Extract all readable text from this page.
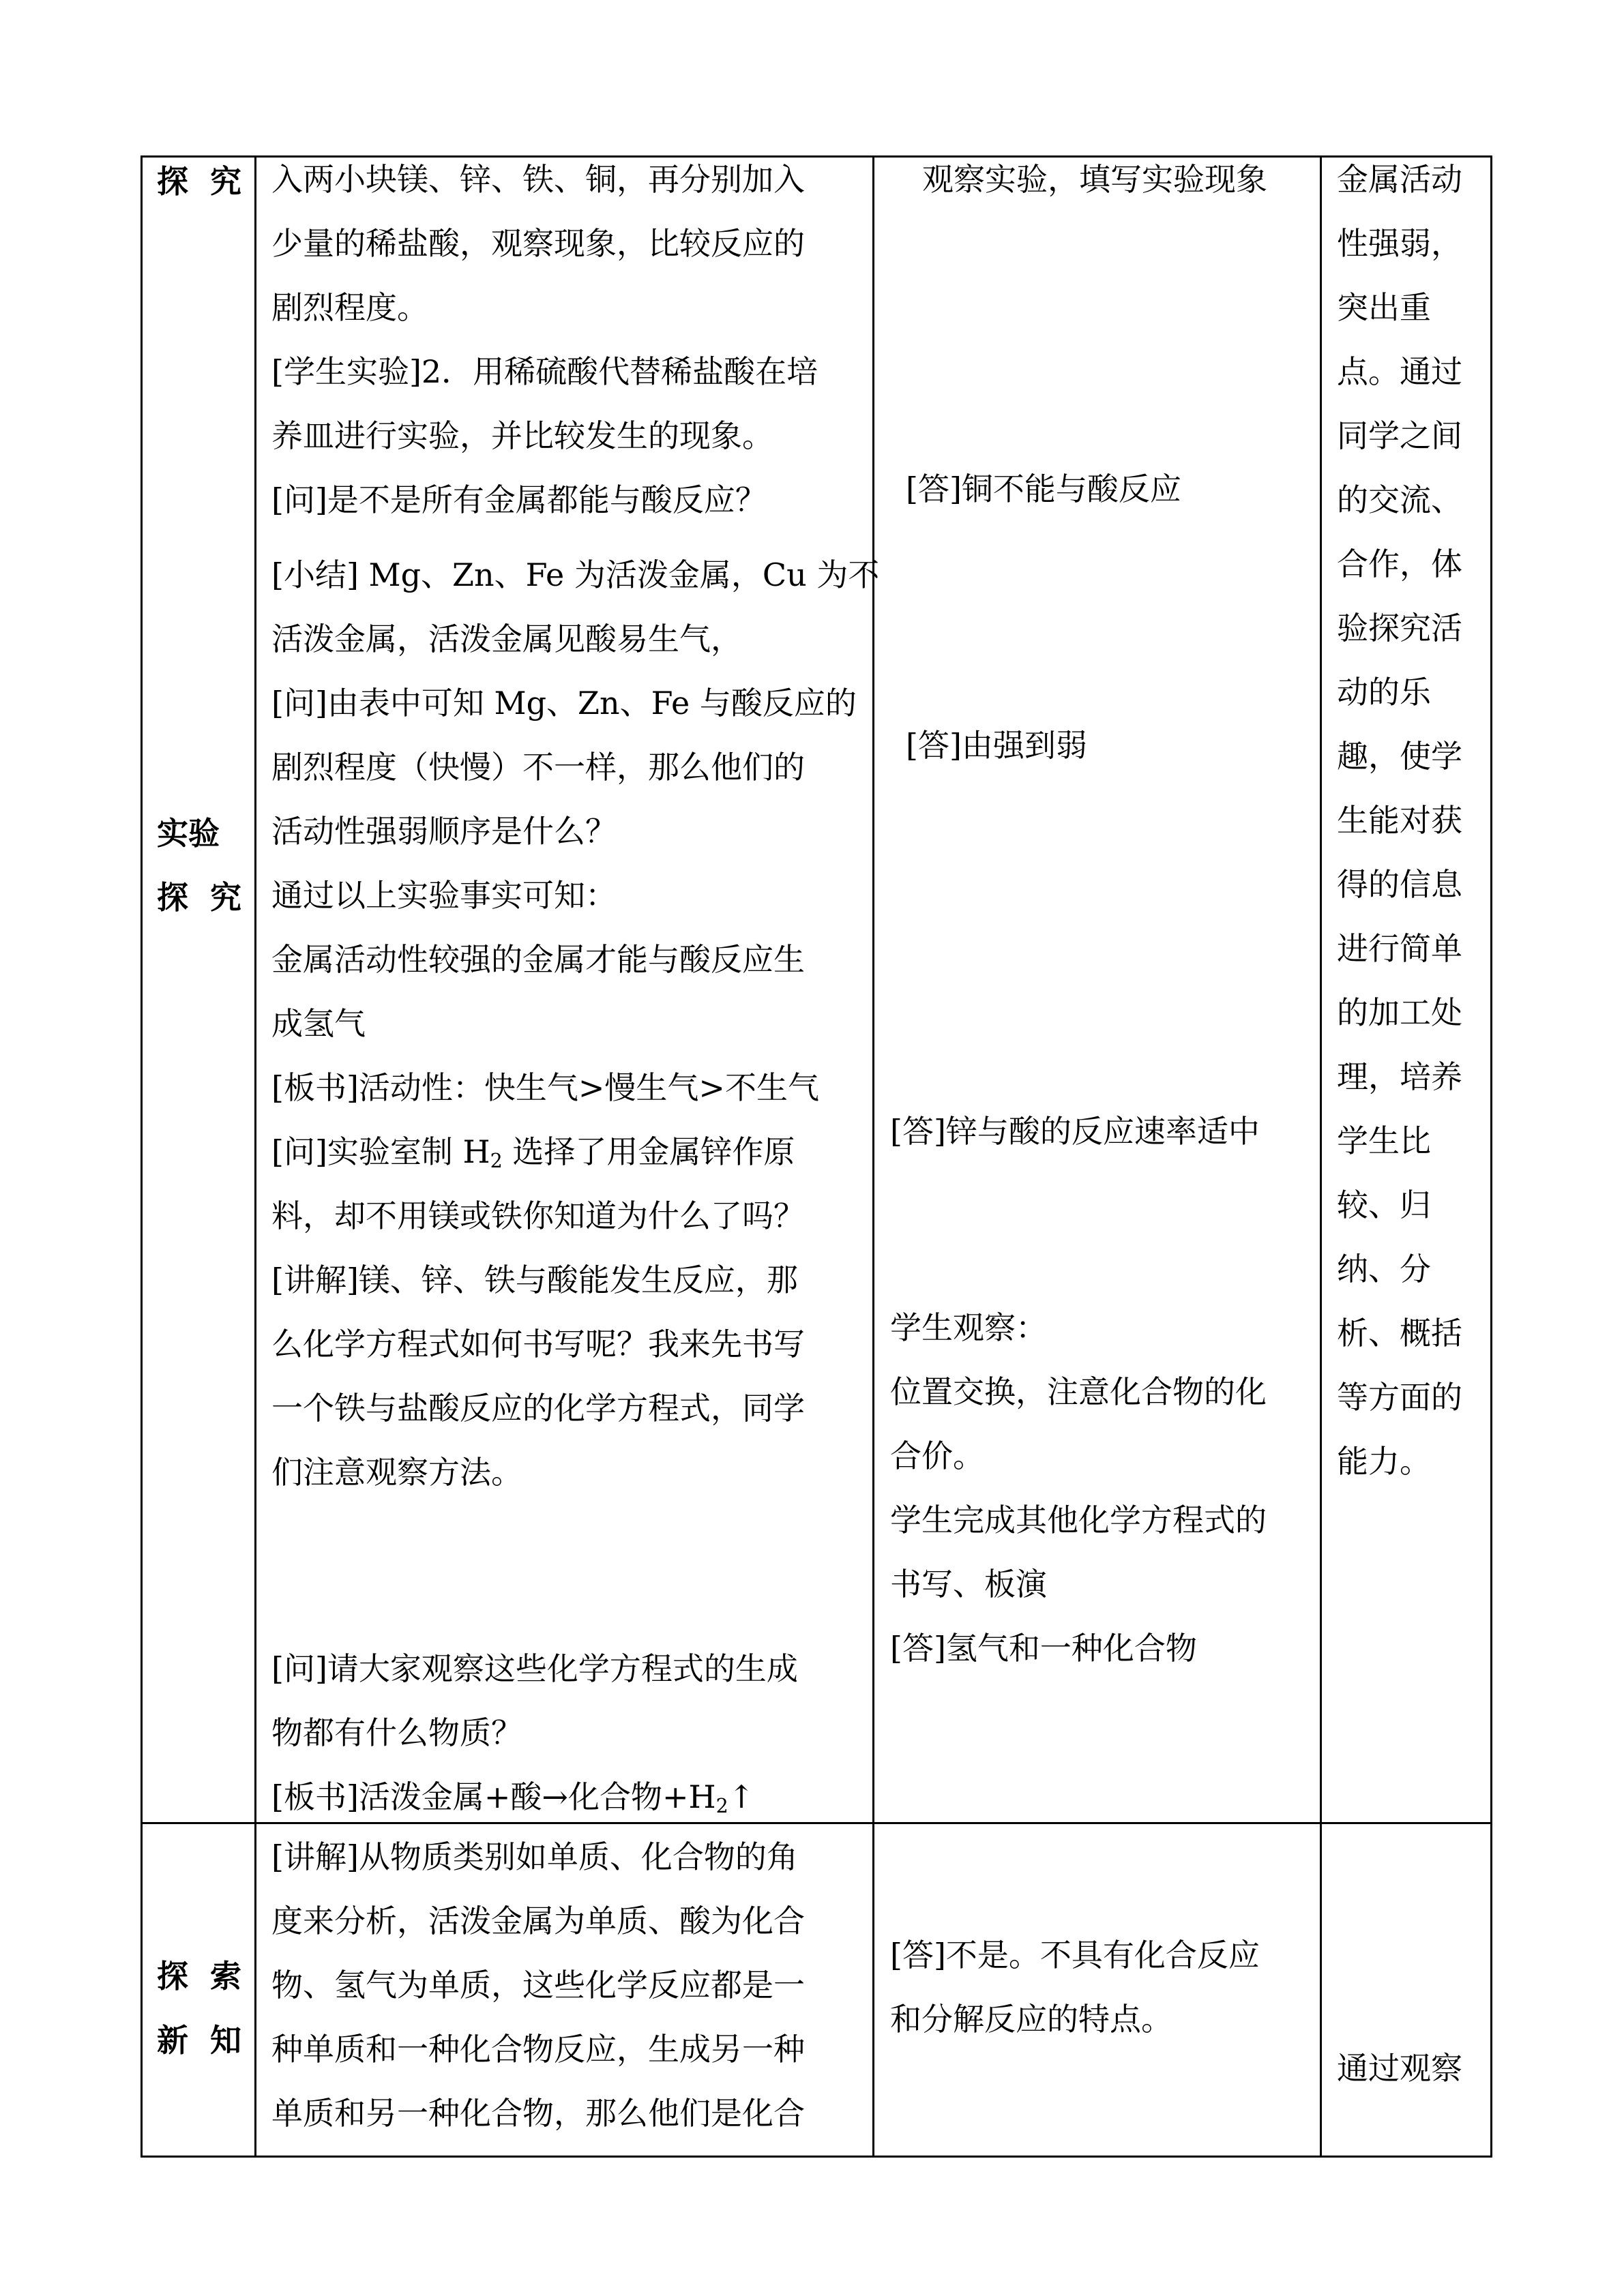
探  究
实验
探  究
入两小块镁、锌、铁、铜，再分别加入
少量的稀盐酸，观察现象，比较反应的
剧烈程度。
[学生实验]2．用稀硫酸代替稀盐酸在培
养皿进行实验，并比较发生的现象。
[问]是不是所有金属都能与酸反应？
[小结] Mg、Zn、Fe 为活泼金属，Cu 为不
活泼金属，活泼金属见酸易生气，
[问]由表中可知 Mg、Zn、Fe 与酸反应的
剧烈程度（快慢）不一样，那么他们的
活动性强弱顺序是什么？
通过以上实验事实可知：
金属活动性较强的金属才能与酸反应生
成氢气
[板书]活动性：快生气>慢生气>不生气
[问]实验室制 $H_2$ 选择了用金属锌作原
料，却不用镁或铁你知道为什么了吗？
[讲解]镁、锌、铁与酸能发生反应，那
么化学方程式如何书写呢？我来先书写
一个铁与盐酸反应的化学方程式，同学
们注意观察方法。
[问]请大家观察这些化学方程式的生成
物都有什么物质？
[板书]活泼金属+酸→化合物$+H_2↑$
观察实验，填写实验现象
[答]铜不能与酸反应
[答]由强到弱
[答]锌与酸的反应速率适中
学生观察：
位置交换，注意化合物的化
合价。
学生完成其他化学方程式的
书写、板演
[答]氢气和一种化合物
金属活动
性强弱，
突出重
点。通过
同学之间
的交流、
合作，体
验探究活
动的乐
趣，使学
生能对获
得的信息
进行简单
的加工处
理，培养
学生比
较、归
纳、分
析、概括
等方面的
能力。
探  索
新  知
[讲解]从物质类别如单质、化合物的角
度来分析，活泼金属为单质、酸为化合
物、氢气为单质，这些化学反应都是一
种单质和一种化合物反应，生成另一种
单质和另一种化合物，那么他们是化合
[答]不是。不具有化合反应
和分解反应的特点。
通过观察
